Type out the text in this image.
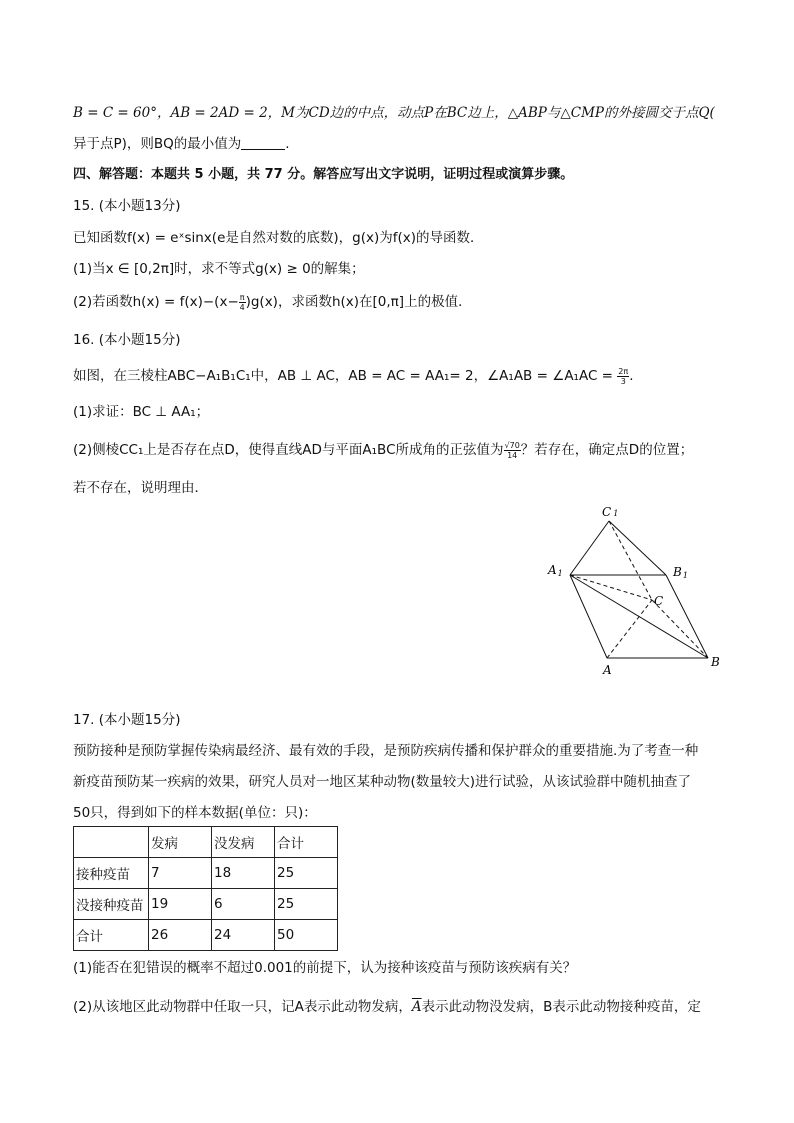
B = C = 60°，AB = 2AD = 2，M为CD边的中点，动点P在BC边上，△ABP与△CMP的外接圆交于点Q(
异于点P)，则BQ的最小值为	.
四、解答题：本题共 5 小题，共 77 分。解答应写出文字说明，证明过程或演算步骤。
15. (本小题13分)
已知函数f(x) = eˣsinx(e是自然对数的底数)，g(x)为f(x)的导函数．
(1)当x ∈ [0,2π]时，求不等式g(x) ≥ 0的解集；
(2)若函数$h(x) = f(x)-(x- \frac{\pi}{4} )g(x)$，求函数h(x)在[0,π]上的极值．
16. (本小题15分)
如图，在三棱柱ABC−A₁B₁C₁中，AB ⊥ AC，AB = AC = AA₁= 2，∠A₁AB = ∠A₁AC = $\frac{2\pi}{3}$ .
(1)求证：BC ⊥ AA₁；
(2)侧棱CC₁上是否存在点D，使得直线AD与平面A₁BC所成角的正弦值为 $\frac{√70}{14}$ ？若存在，确定点D的位置；
若不存在，说明理由．
C 1
A1	B1
C
A
B
17. (本小题15分)
预防接种是预防掌握传染病最经济、最有效的手段，是预防疾病传播和保护群众的重要措施.为了考查一种
新疫苗预防某一疾病的效果，研究人员对一地区某种动物(数量较大)进行试验，从该试验群中随机抽查了
50只，得到如下的样本数据(单位：只)：
	发病	没发病	合计
接种疫苗	7	18	25
没接种疫苗	19	6	25
合计	26	24	50
(1)能否在犯错误的概率不超过0.001的前提下，认为接种该疫苗与预防该疾病有关？
(2)从该地区此动物群中任取一只，记A表示此动物发病，$\overline{A}$表示此动物没发病，B表示此动物接种疫苗，定
